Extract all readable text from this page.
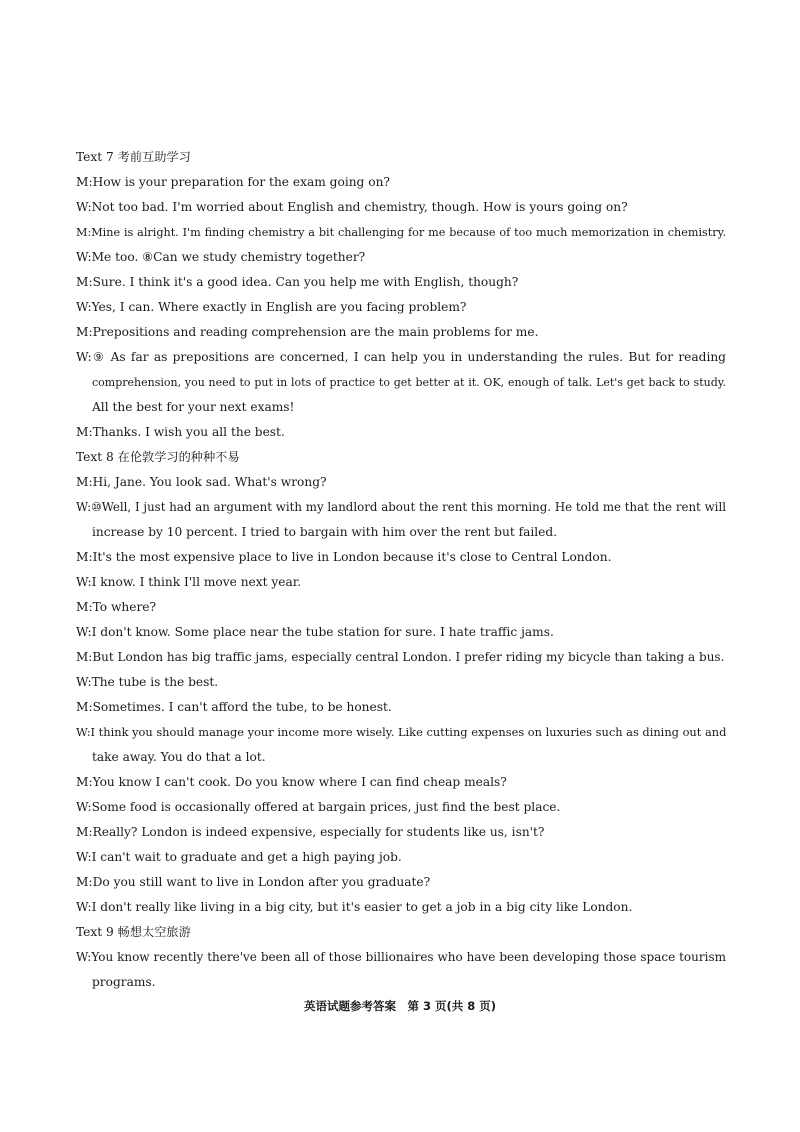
Text 7 考前互助学习
M:How is your preparation for the exam going on?
W:Not too bad. I'm worried about English and chemistry, though. How is yours going on?
M:Mine is alright. I'm finding chemistry a bit challenging for me because of too much memorization in chemistry.
W:Me too. ⑧Can we study chemistry together?
M:Sure. I think it's a good idea. Can you help me with English, though?
W:Yes, I can. Where exactly in English are you facing problem?
M:Prepositions and reading comprehension are the main problems for me.
W:⑨ As far as prepositions are concerned, I can help you in understanding the rules. But for reading
comprehension, you need to put in lots of practice to get better at it. OK, enough of talk. Let's get back to study.
All the best for your next exams!
M:Thanks. I wish you all the best.
Text 8 在伦敦学习的种种不易
M:Hi, Jane. You look sad. What's wrong?
W:⑩Well, I just had an argument with my landlord about the rent this morning. He told me that the rent will
increase by 10 percent. I tried to bargain with him over the rent but failed.
M:It's the most expensive place to live in London because it's close to Central London.
W:I know. I think I'll move next year.
M:To where?
W:I don't know. Some place near the tube station for sure. I hate traffic jams.
M:But London has big traffic jams, especially central London. I prefer riding my bicycle than taking a bus.
W:The tube is the best.
M:Sometimes. I can't afford the tube, to be honest.
W:I think you should manage your income more wisely. Like cutting expenses on luxuries such as dining out and
take away. You do that a lot.
M:You know I can't cook. Do you know where I can find cheap meals?
W:Some food is occasionally offered at bargain prices, just find the best place.
M:Really? London is indeed expensive, especially for students like us, isn't?
W:I can't wait to graduate and get a high paying job.
M:Do you still want to live in London after you graduate?
W:I don't really like living in a big city, but it's easier to get a job in a big city like London.
Text 9 畅想太空旅游
W:You know recently there've been all of those billionaires who have been developing those space tourism
programs.
英语试题参考答案　第 3 页(共 8 页)
